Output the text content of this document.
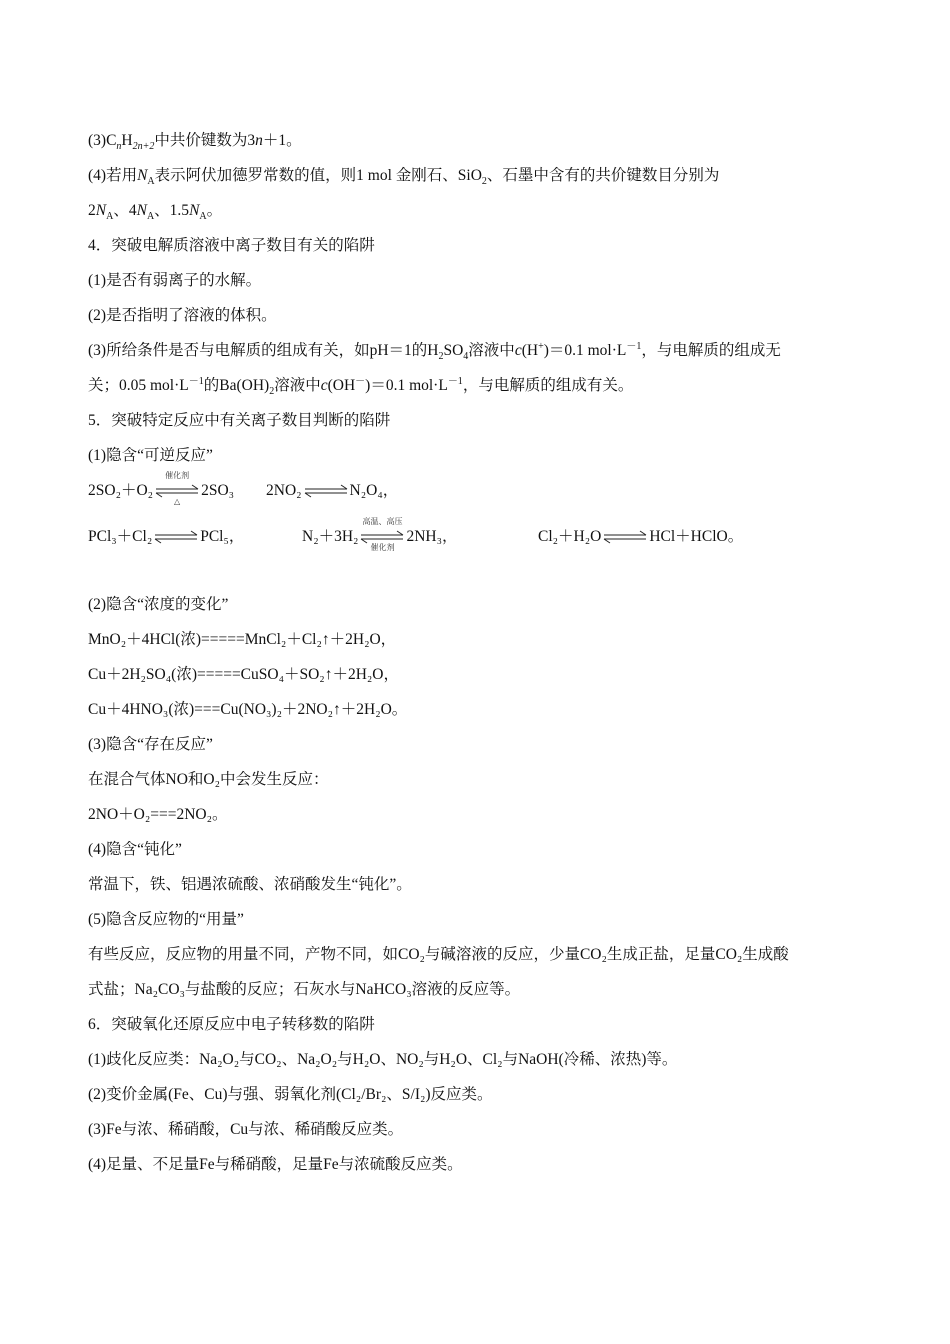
$(3)C_nH_{2n+2}$中共价键数为3n＋1。
(4)若用$N_A$表示阿伏加德罗常数的值，则1 mol 金刚石、SiO$_2$、石墨中含有的共价键数目分别为
$2N_A$、$4N_A$、$1.5N_A$。
4．突破电解质溶液中离子数目有关的陷阱
(1)是否有弱离子的水解。
(2)是否指明了溶液的体积。
(3)所给条件是否与电解质的组成有关，如pH＝1的$H_2SO_4$溶液中c(H+)＝0.1 $mol\cdot L^{-1}$，与电解质的组成无
关；0.05 $mol\cdot L^{-1}$的$Ba(OH)_2$溶液中c(OH－)＝0.1 $mol\cdot L^{-1}$，与电解质的组成有关。
5．突破特定反应中有关离子数目判断的陷阱
(1)隐含“可逆反应”
2SO₂＋O₂
催化剂
△
2SO₃ 2NO₂⇌N₂O₄，
PCl₃＋Cl₂⇌PCl₅，	N₂＋3H₂
高温、高压
催化剂
2NH₃，	Cl₂＋H₂O⇌HCl＋HClO。
(2)隐含“浓度的变化”
MnO₂＋4HCl(浓)=====MnCl₂＋Cl₂↑＋2H₂O，
Cu＋2H₂SO₄(浓)=====CuSO₄＋SO₂↑＋2H₂O，
Cu＋4HNO₃(浓)===Cu(NO₃)₂＋2NO₂↑＋2H₂O。
(3)隐含“存在反应”
在混合气体NO和O₂中会发生反应：
2NO＋O₂===2NO₂。
(4)隐含“钝化”
常温下，铁、铝遇浓硫酸、浓硝酸发生“钝化”。
(5)隐含反应物的“用量”
有些反应，反应物的用量不同，产物不同，如CO₂与碱溶液的反应，少量CO₂生成正盐，足量CO₂生成酸
式盐；Na₂CO₃与盐酸的反应；石灰水与NaHCO₃溶液的反应等。
6．突破氧化还原反应中电子转移数的陷阱
(1)歧化反应类：Na₂O₂与CO₂、Na₂O₂与H₂O、NO₂与H₂O、Cl₂与NaOH(冷稀、浓热)等。
(2)变价金属(Fe、Cu)与强、弱氧化剂(Cl₂/Br₂、S/I₂)反应类。
(3)Fe与浓、稀硝酸，Cu与浓、稀硝酸反应类。
(4)足量、不足量Fe与稀硝酸，足量Fe与浓硫酸反应类。
